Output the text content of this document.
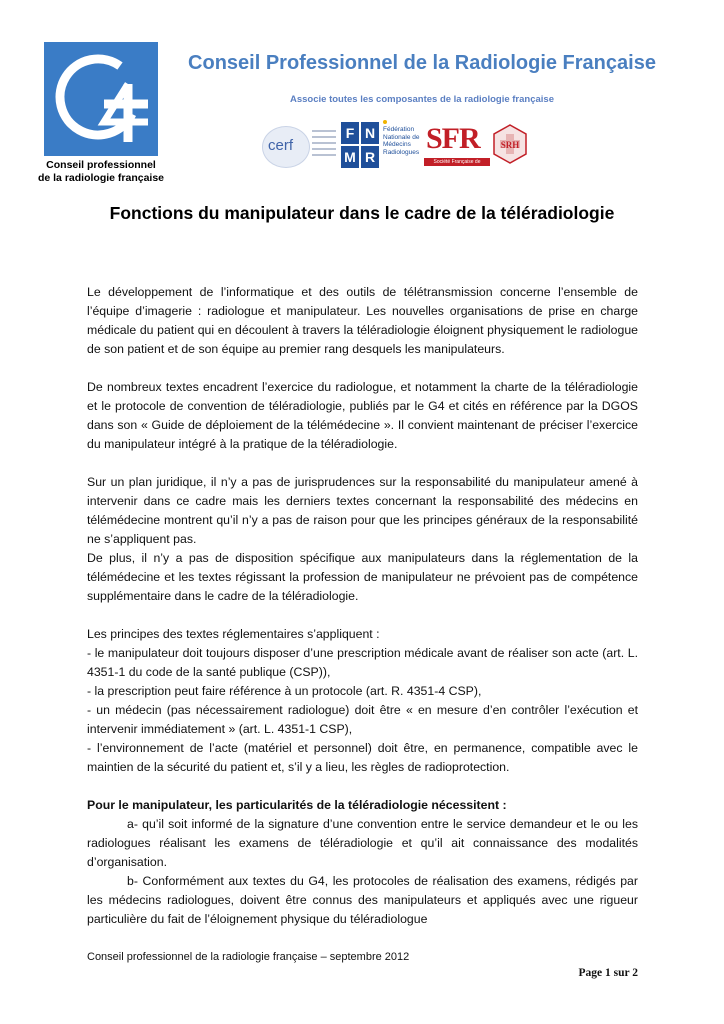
Conseil professionnel
de la radiologie française
Conseil Professionnel de la Radiologie Française
Associe toutes les composantes de la radiologie française
cerf
F N
M R
Fédération Nationale de Médecins Radiologues SFR
Société Française de Radiologie
SRH
Fonctions du manipulateur dans le cadre de la téléradiologie

Le développement de l’informatique et des outils de télétransmission concerne l’ensemble de l’équipe d’imagerie : radiologue et manipulateur. Les nouvelles organisations de prise en charge médicale du patient qui en découlent à travers la téléradiologie éloignent physiquement le radiologue de son patient et de son équipe au premier rang desquels les manipulateurs.

De nombreux textes encadrent l’exercice du radiologue, et notamment la charte de la téléradiologie et le protocole de convention de téléradiologie, publiés par le G4 et cités en référence par la DGOS dans son « Guide de déploiement de la télémédecine ». Il convient maintenant de préciser l’exercice du manipulateur intégré à la pratique de la téléradiologie.

Sur un plan juridique, il n’y a pas de jurisprudences sur la responsabilité du manipulateur amené à intervenir dans ce cadre mais les derniers textes concernant la responsabilité des médecins en télémédecine montrent qu’il n’y a pas de raison pour que les principes généraux de la responsabilité ne s’appliquent pas.

De plus, il n’y a pas de disposition spécifique aux manipulateurs dans la réglementation de la télémédecine et les textes régissant la profession de manipulateur ne prévoient pas de compétence supplémentaire dans le cadre de la téléradiologie.

Les principes des textes réglementaires s’appliquent :

- le manipulateur doit toujours disposer d’une prescription médicale avant de réaliser son acte (art. L. 4351-1 du code de la santé publique (CSP)),

- la prescription peut faire référence à un protocole (art. R. 4351-4 CSP),

- un médecin (pas nécessairement radiologue) doit être « en mesure d’en contrôler l’exécution et intervenir immédiatement » (art. L. 4351-1 CSP),

- l’environnement de l’acte (matériel et personnel) doit être, en permanence, compatible avec le maintien de la sécurité du patient et, s’il y a lieu, les règles de radioprotection.

Pour le manipulateur, les particularités de la téléradiologie nécessitent :

a- qu’il soit informé de la signature d’une convention entre le service demandeur et le ou les radiologues réalisant les examens de téléradiologie et qu’il ait connaissance des modalités d’organisation.

b- Conformément aux textes du G4, les protocoles de réalisation des examens, rédigés par les médecins radiologues, doivent être connus des manipulateurs et appliqués avec une rigueur particulière du fait de l’éloignement physique du téléradiologue

Conseil professionnel de la radiologie française – septembre 2012
Page 1 sur 2
